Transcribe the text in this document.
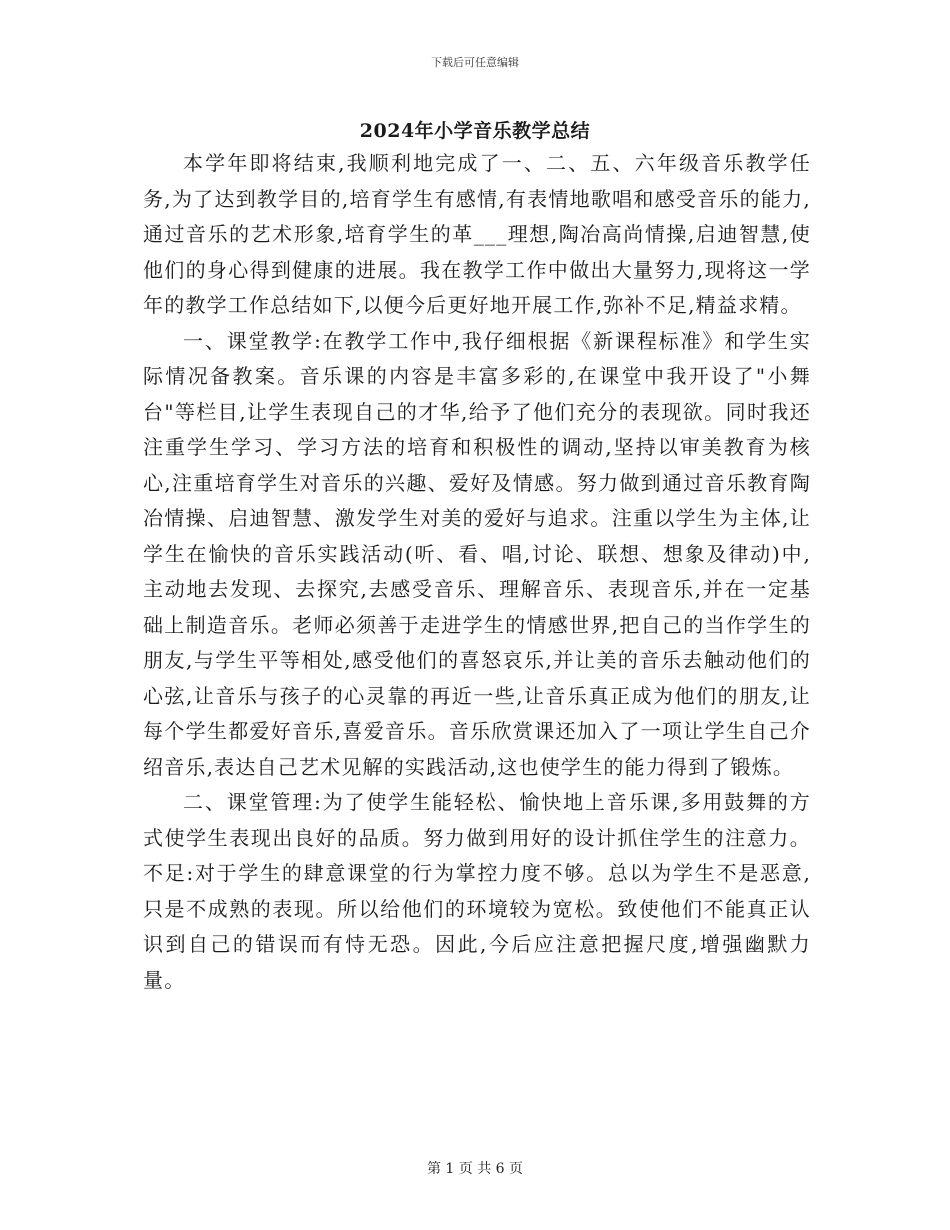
下载后可任意编辑
2024年小学音乐教学总结

本学年即将结束,我顺利地完成了一、二、五、六年级音乐教学任务,为了达到教学目的,培育学生有感情,有表情地歌唱和感受音乐的能力,通过音乐的艺术形象,培育学生的革___理想,陶冶高尚情操,启迪智慧,使他们的身心得到健康的进展。我在教学工作中做出大量努力,现将这一学年的教学工作总结如下,以便今后更好地开展工作,弥补不足,精益求精。

一、课堂教学:在教学工作中,我仔细根据《新课程标准》和学生实际情况备教案。音乐课的内容是丰富多彩的,在课堂中我开设了"小舞台"等栏目,让学生表现自己的才华,给予了他们充分的表现欲。同时我还注重学生学习、学习方法的培育和积极性的调动,坚持以审美教育为核心,注重培育学生对音乐的兴趣、爱好及情感。努力做到通过音乐教育陶冶情操、启迪智慧、激发学生对美的爱好与追求。注重以学生为主体,让学生在愉快的音乐实践活动(听、看、唱,讨论、联想、想象及律动)中,主动地去发现、去探究,去感受音乐、理解音乐、表现音乐,并在一定基础上制造音乐。老师必须善于走进学生的情感世界,把自己的当作学生的朋友,与学生平等相处,感受他们的喜怒哀乐,并让美的音乐去触动他们的心弦,让音乐与孩子的心灵靠的再近一些,让音乐真正成为他们的朋友,让每个学生都爱好音乐,喜爱音乐。音乐欣赏课还加入了一项让学生自己介绍音乐,表达自己艺术见解的实践活动,这也使学生的能力得到了锻炼。

二、课堂管理:为了使学生能轻松、愉快地上音乐课,多用鼓舞的方式使学生表现出良好的品质。努力做到用好的设计抓住学生的注意力。不足:对于学生的肆意课堂的行为掌控力度不够。总以为学生不是恶意,只是不成熟的表现。所以给他们的环境较为宽松。致使他们不能真正认识到自己的错误而有恃无恐。因此,今后应注意把握尺度,增强幽默力量。

第 1 页 共 6 页
